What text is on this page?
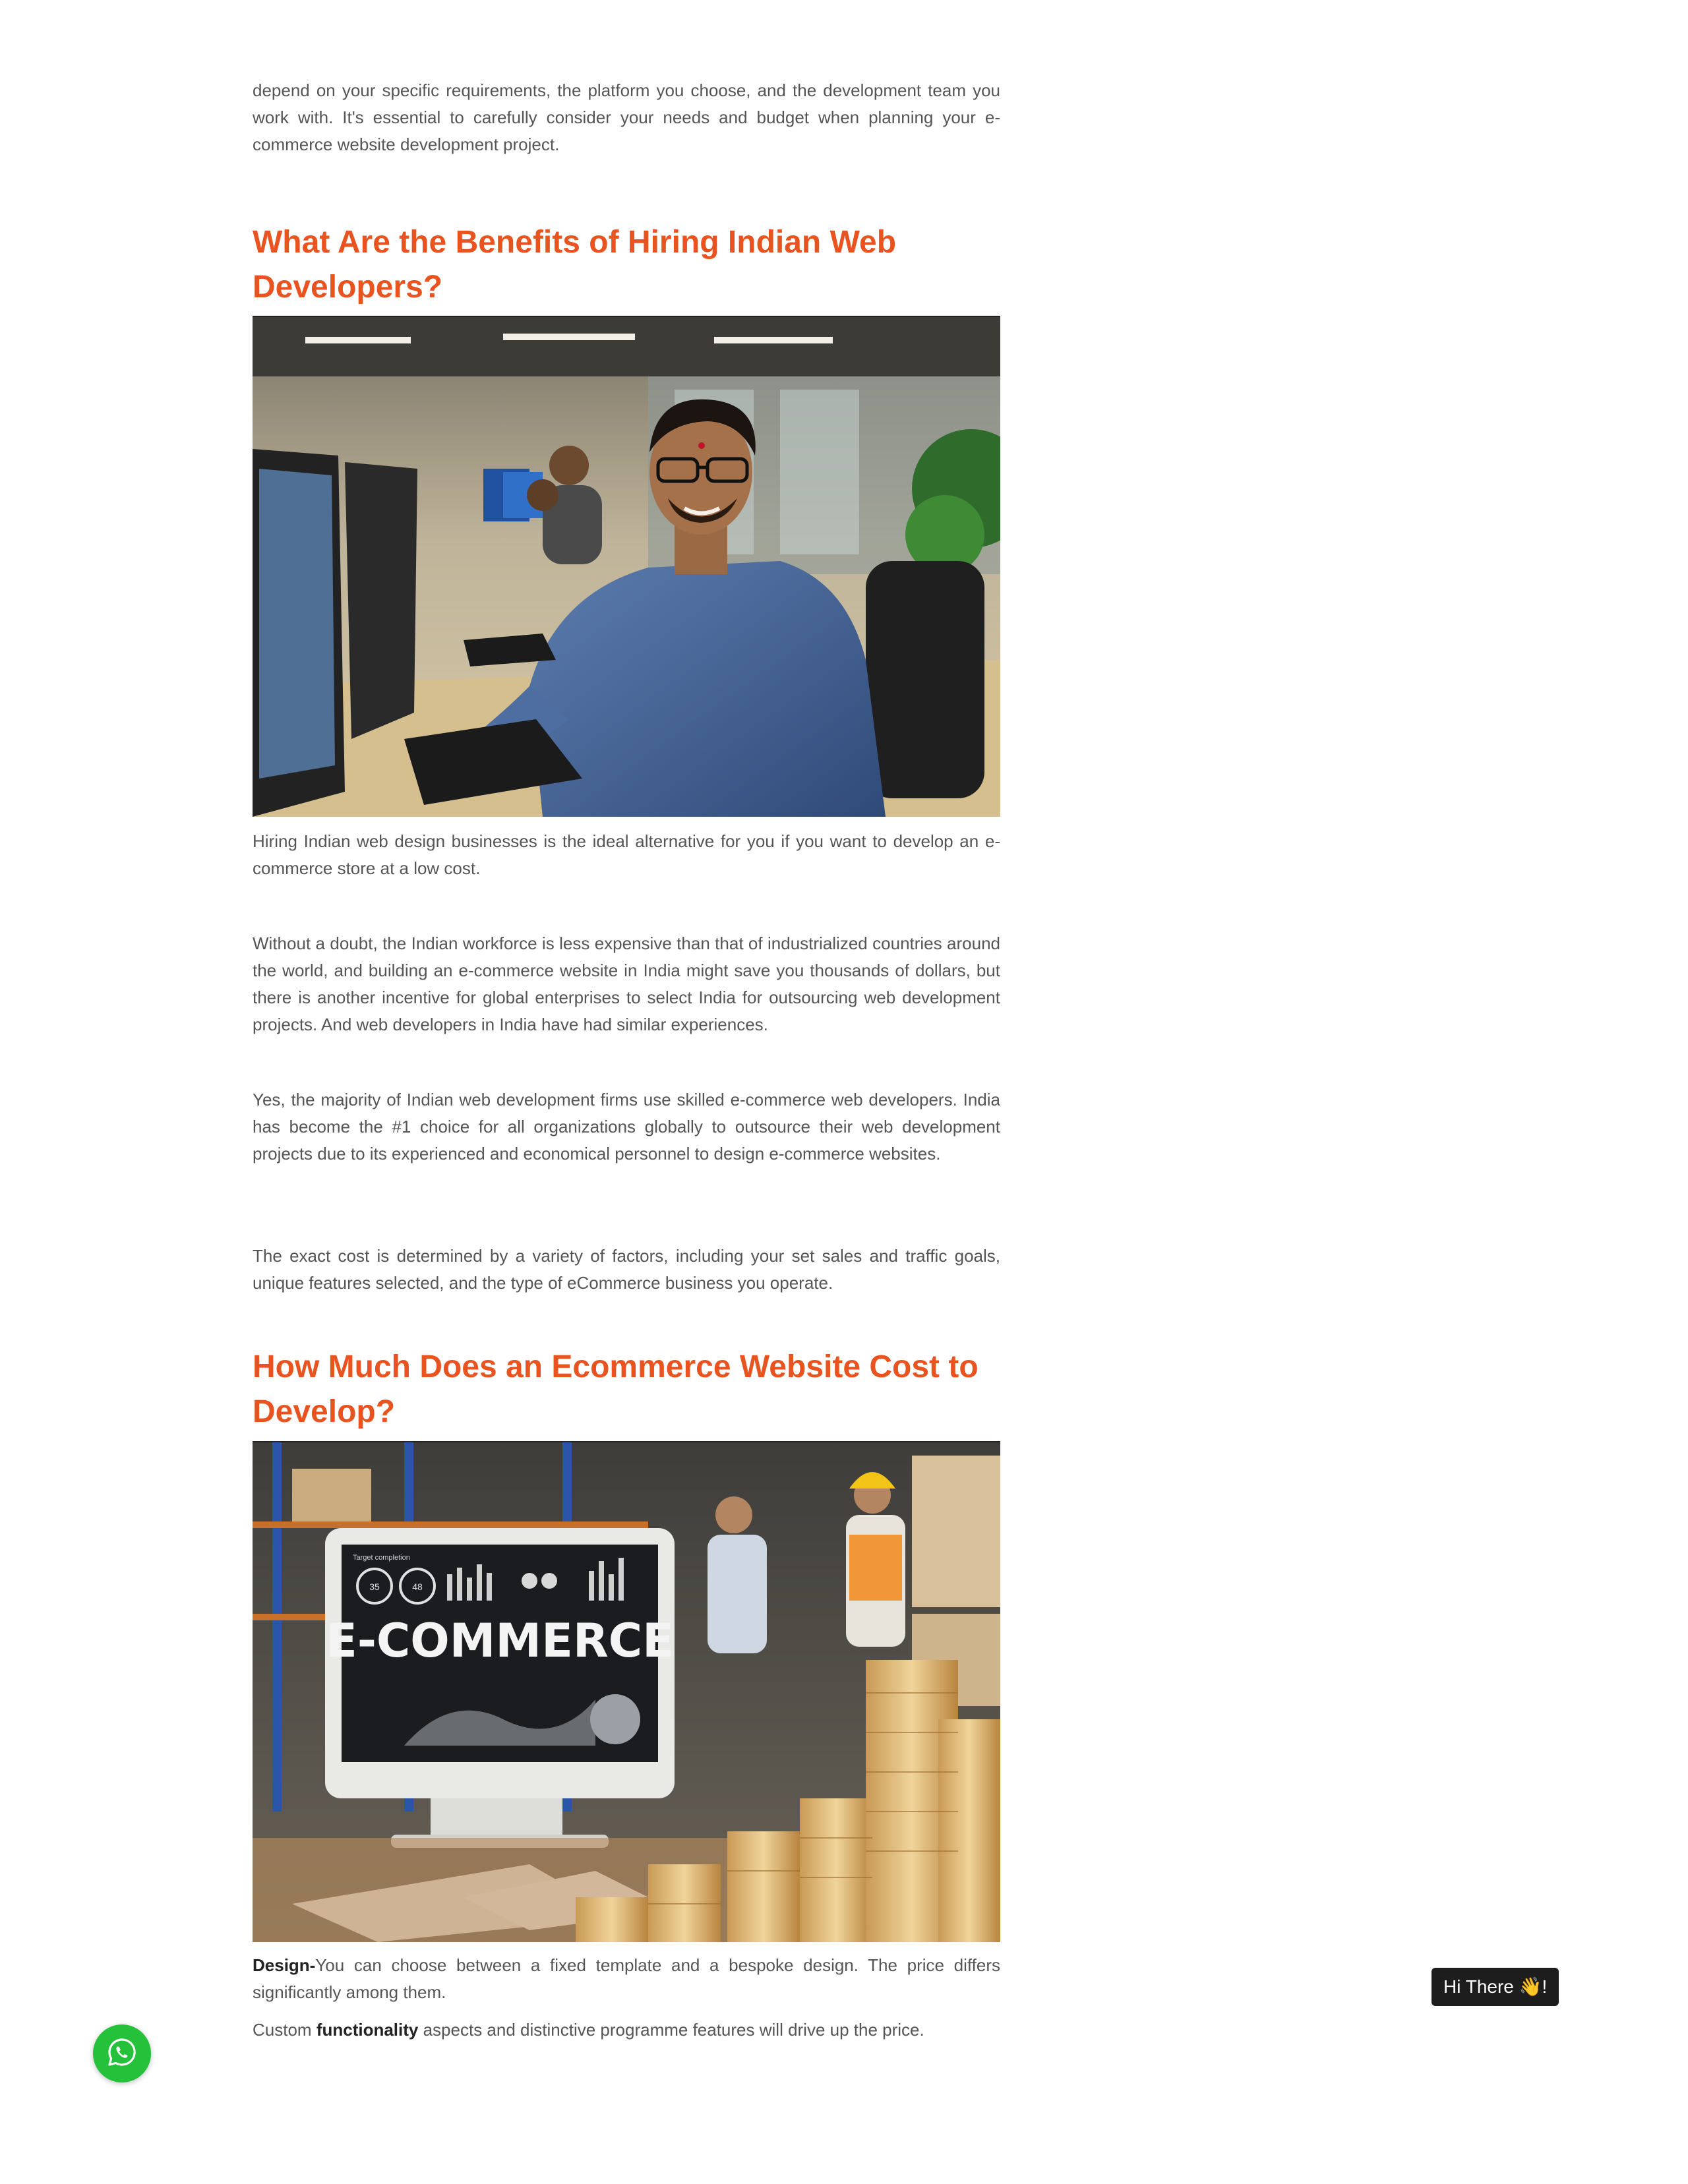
depend on your specific requirements, the platform you choose, and the development team you work with. It's essential to carefully consider your needs and budget when planning your e-commerce website development project.

What Are the Benefits of Hiring Indian Web Developers?

Hiring Indian web design businesses is the ideal alternative for you if you want to develop an e-commerce store at a low cost.

Without a doubt, the Indian workforce is less expensive than that of industrialized countries around the world, and building an e-commerce website in India might save you thousands of dollars, but there is another incentive for global enterprises to select India for outsourcing web development projects. And web developers in India have had similar experiences.

Yes, the majority of Indian web development firms use skilled e-commerce web developers. India has become the #1 choice for all organizations globally to outsource their web development projects due to its experienced and economical personnel to design e-commerce websites.

The exact cost is determined by a variety of factors, including your set sales and traffic goals, unique features selected, and the type of eCommerce business you operate.

How Much Does an Ecommerce Website Cost to Develop?
Target completion
35	48
E-COMMERCE

Design-You can choose between a fixed template and a bespoke design. The price differs significantly among them.

Custom functionality aspects and distinctive programme features will drive up the price.

Hi There 👋!
